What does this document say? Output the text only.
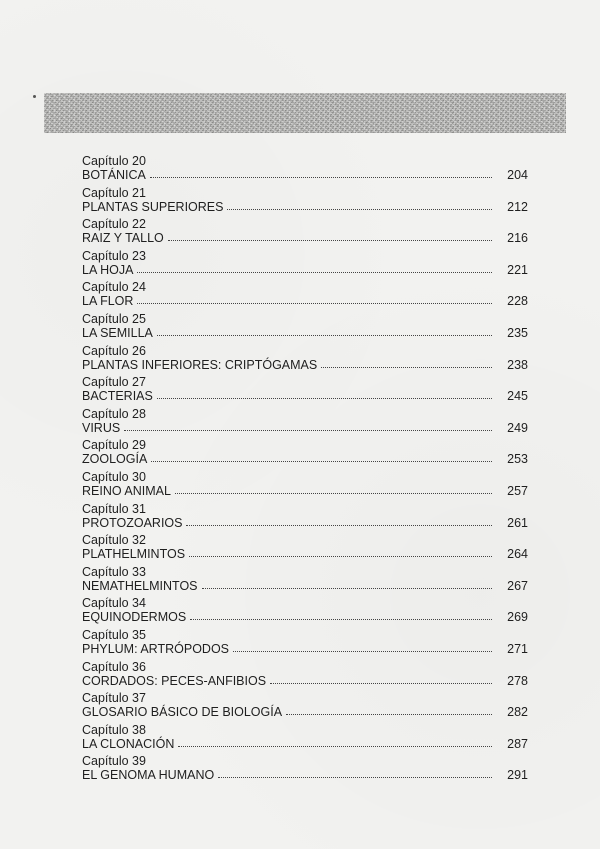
Capítulo 20
BOTÁNICA	204
Capítulo 21
PLANTAS SUPERIORES	212
Capítulo 22
RAIZ Y TALLO	216
Capítulo 23
LA HOJA	221
Capítulo 24
LA FLOR	228
Capítulo 25
LA SEMILLA	235
Capítulo 26
PLANTAS INFERIORES: CRIPTÓGAMAS	238
Capítulo 27
BACTERIAS	245
Capítulo 28
VIRUS	249
Capítulo 29
ZOOLOGÍA	253
Capítulo 30
REINO ANIMAL	257
Capítulo 31
PROTOZOARIOS	261
Capítulo 32
PLATHELMINTOS	264
Capítulo 33
NEMATHELMINTOS	267
Capítulo 34
EQUINODERMOS	269
Capítulo 35
PHYLUM: ARTRÓPODOS	271
Capítulo 36
CORDADOS: PECES-ANFIBIOS	278
Capítulo 37
GLOSARIO BÁSICO DE BIOLOGÍA	282
Capítulo 38
LA CLONACIÓN	287
Capítulo 39
EL GENOMA HUMANO	291
